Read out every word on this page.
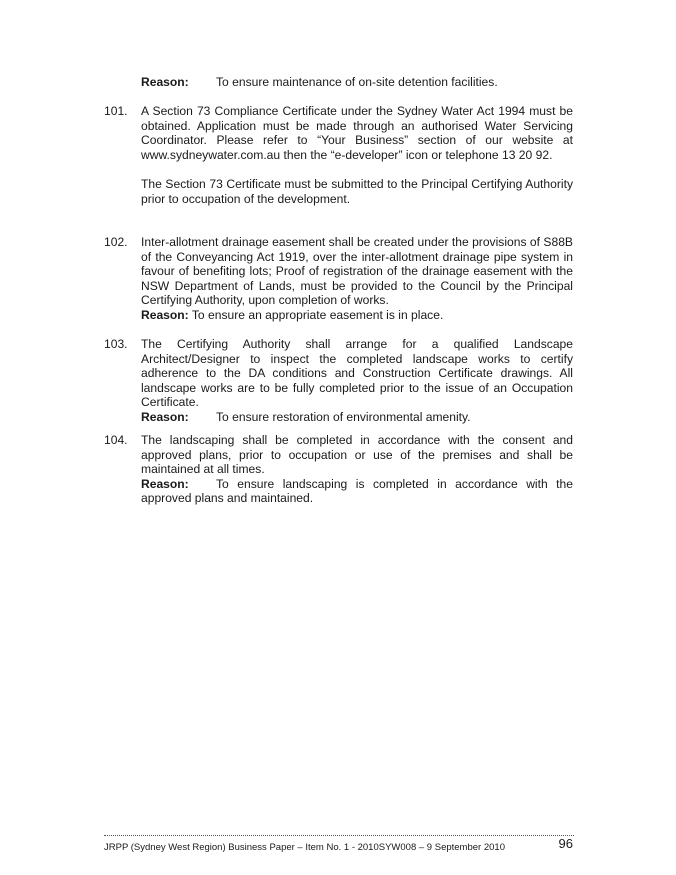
Reason: To ensure maintenance of on-site detention facilities.
101.	A Section 73 Compliance Certificate under the Sydney Water Act 1994 must be obtained. Application must be made through an authorised Water Servicing Coordinator. Please refer to “Your Business” section of our website at www.sydneywater.com.au then the “e-developer” icon or telephone 13 20 92.

The Section 73 Certificate must be submitted to the Principal Certifying Authority prior to occupation of the development.

102.	Inter-allotment drainage easement shall be created under the provisions of S88B of the Conveyancing Act 1919, over the inter-allotment drainage pipe system in favour of benefiting lots; Proof of registration of the drainage easement with the NSW Department of Lands, must be provided to the Council by the Principal Certifying Authority, upon completion of works.

Reason: To ensure an appropriate easement is in place.

103.	The Certifying Authority shall arrange for a qualified Landscape Architect/Designer to inspect the completed landscape works to certify adherence to the DA conditions and Construction Certificate drawings. All landscape works are to be fully completed prior to the issue of an Occupation Certificate.

Reason: To ensure restoration of environmental amenity.

104.	The landscaping shall be completed in accordance with the consent and approved plans, prior to occupation or use of the premises and shall be maintained at all times.

Reason: To ensure landscaping is completed in accordance with the approved plans and maintained.

JRPP (Sydney West Region) Business Paper – Item No. 1 - 2010SYW008 – 9 September 2010	96
